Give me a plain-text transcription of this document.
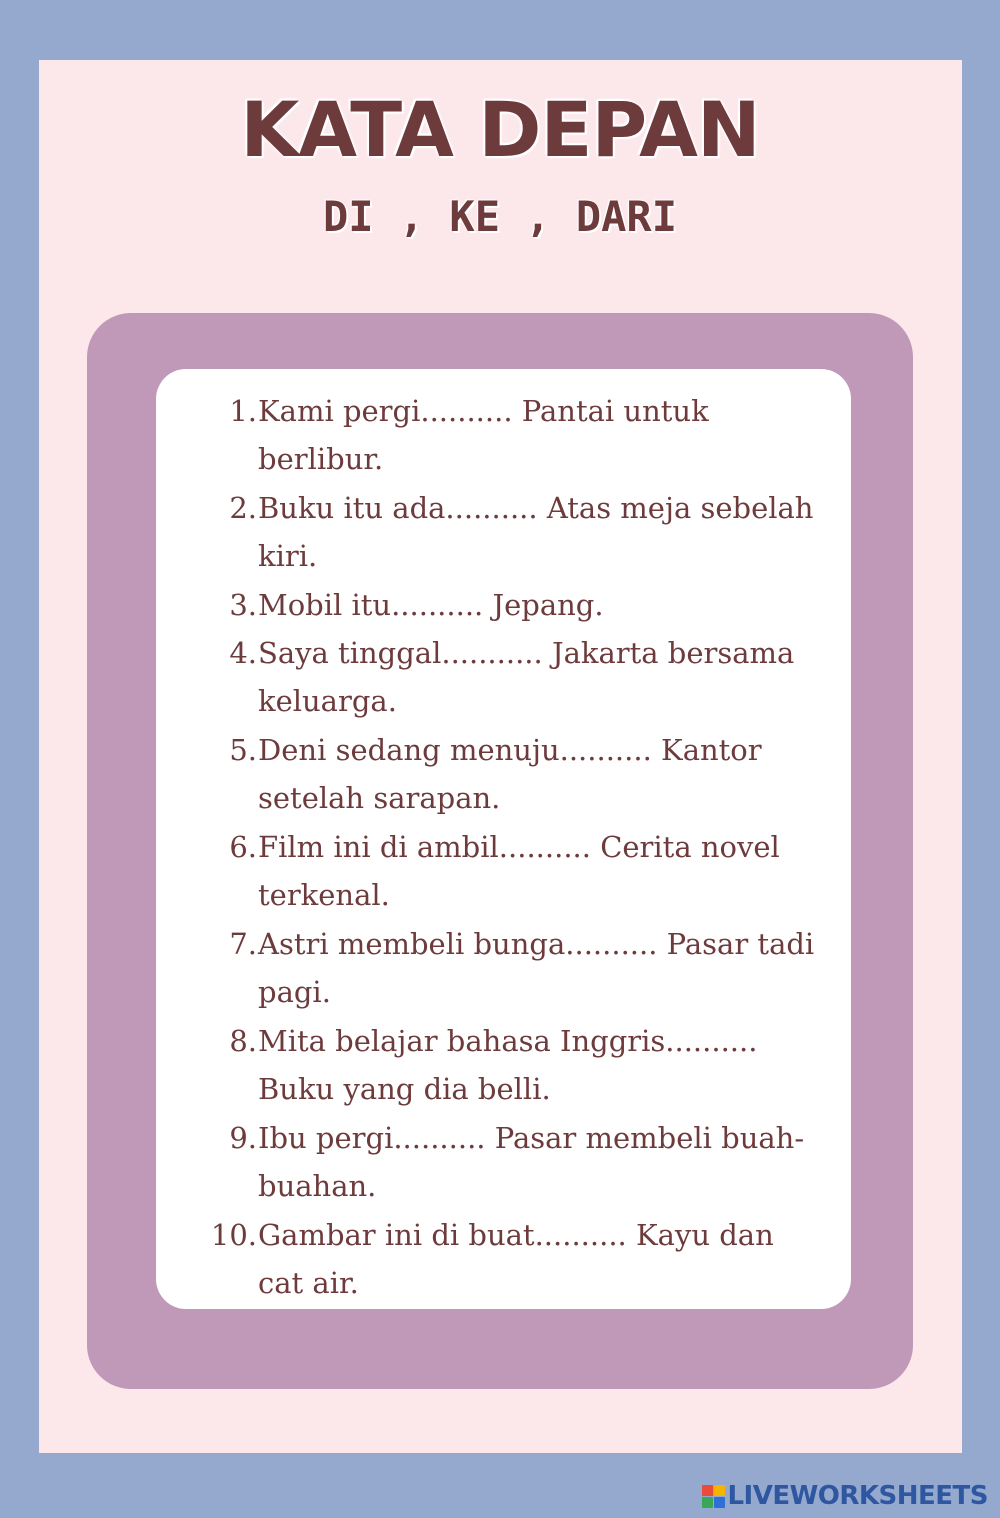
KATA DEPAN
DI , KE , DARI
1. Kami pergi.......... Pantai untuk berlibur.
2. Buku itu ada.......... Atas meja sebelah kiri.
3. Mobil itu.......... Jepang.
4. Saya tinggal........... Jakarta bersama keluarga.
5. Deni sedang menuju.......... Kantor setelah sarapan.
6. Film ini di ambil.......... Cerita novel terkenal.
7. Astri membeli bunga.......... Pasar tadi pagi.
8. Mita belajar bahasa Inggris.......... Buku yang dia belli.
9. Ibu pergi.......... Pasar membeli buah-buahan.
10. Gambar ini di buat.......... Kayu dan cat air.
LIVEWORKSHEETS
